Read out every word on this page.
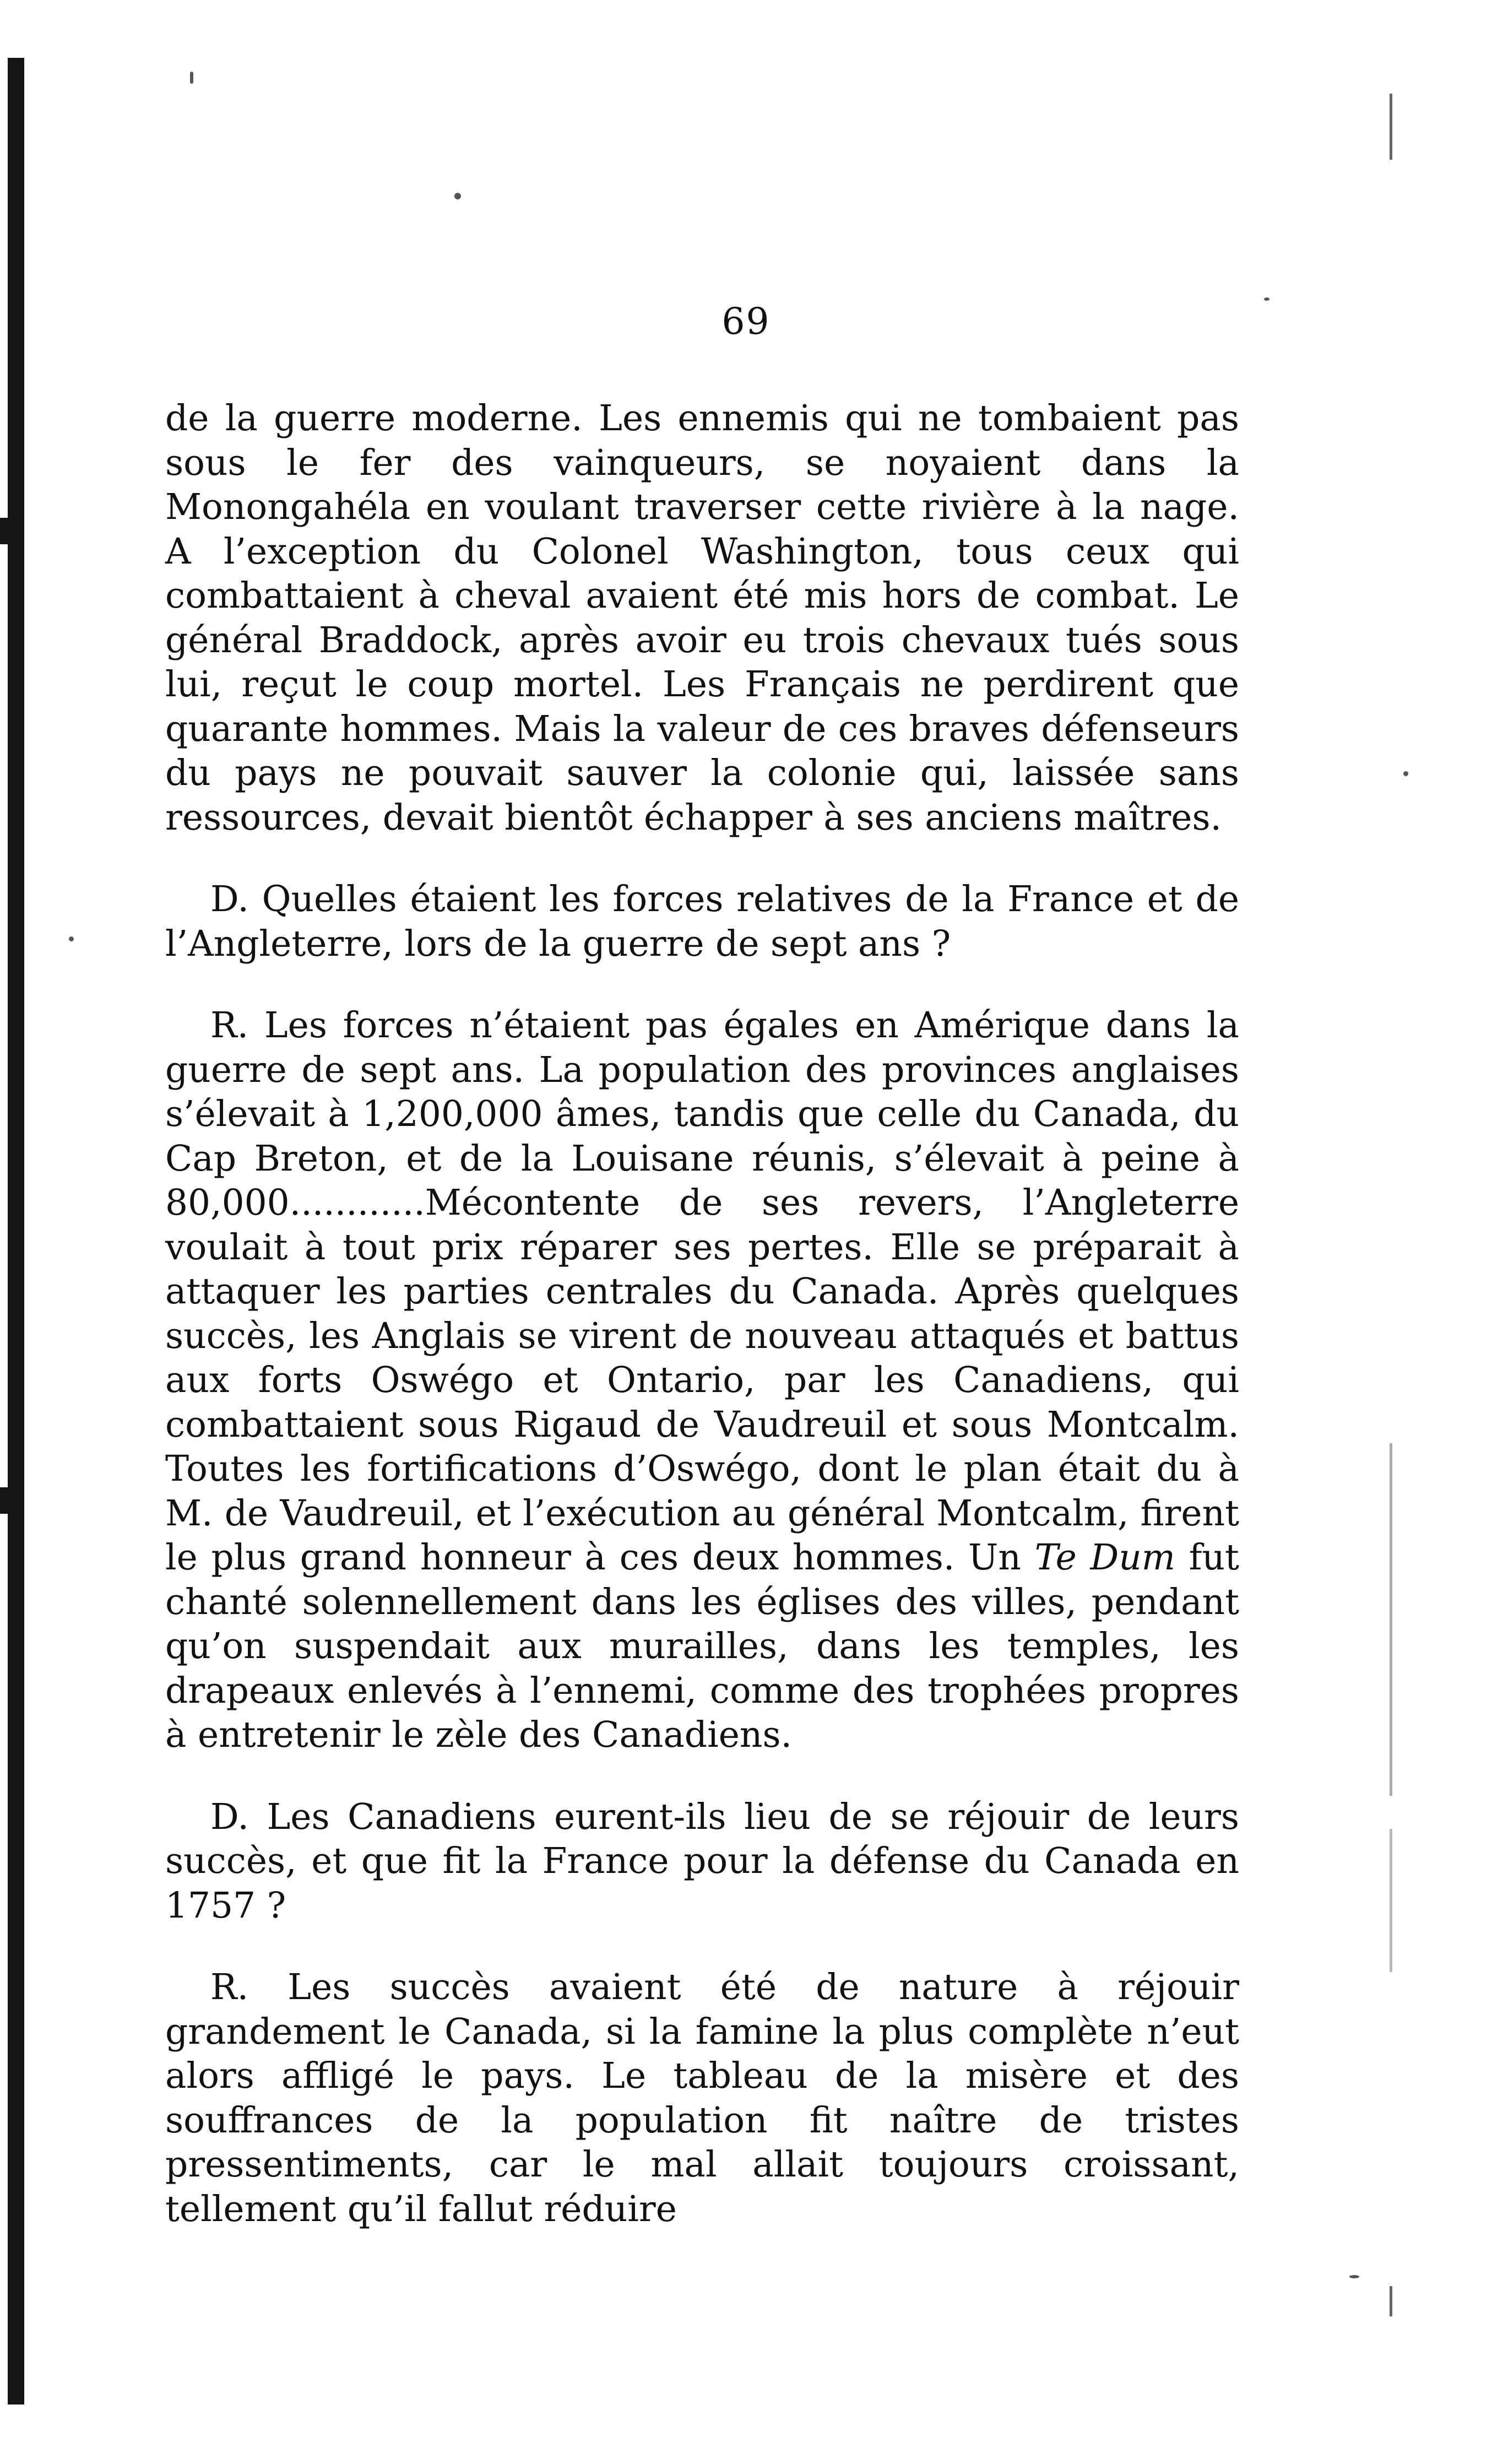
69

de la guerre moderne. Les ennemis qui ne tombaient pas sous le fer des vainqueurs, se noyaient dans la Monongahéla en voulant traverser cette rivière à la nage. A l’exception du Colonel Washington, tous ceux qui combattaient à cheval avaient été mis hors de combat. Le général Braddock, après avoir eu trois chevaux tués sous lui, reçut le coup mortel. Les Français ne perdirent que quarante hommes. Mais la valeur de ces braves défenseurs du pays ne pouvait sauver la colonie qui, laissée sans ressources, devait bientôt échapper à ses anciens maîtres.

D. Quelles étaient les forces relatives de la France et de l’Angleterre, lors de la guerre de sept ans ?

R. Les forces n’étaient pas égales en Amérique dans la guerre de sept ans. La population des provinces anglaises s’élevait à 1,200,000 âmes, tandis que celle du Canada, du Cap Breton, et de la Louisane réunis, s’élevait à peine à 80,000............Mécontente de ses revers, l’Angleterre voulait à tout prix réparer ses pertes. Elle se préparait à attaquer les parties centrales du Canada. Après quelques succès, les Anglais se virent de nouveau attaqués et battus aux forts Oswégo et Ontario, par les Canadiens, qui combattaient sous Rigaud de Vaudreuil et sous Montcalm. Toutes les fortifications d’Oswégo, dont le plan était du à M. de Vaudreuil, et l’exécution au général Montcalm, firent le plus grand honneur à ces deux hommes. Un Te Dum fut chanté solennellement dans les églises des villes, pendant qu’on suspendait aux murailles, dans les temples, les drapeaux enlevés à l’ennemi, comme des trophées propres à entretenir le zèle des Canadiens.

D. Les Canadiens eurent-ils lieu de se réjouir de leurs succès, et que fit la France pour la défense du Canada en 1757 ?

R. Les succès avaient été de nature à réjouir grandement le Canada, si la famine la plus complète n’eut alors affligé le pays. Le tableau de la misère et des souffrances de la population fit naître de tristes pressentiments, car le mal allait toujours croissant, tellement qu’il fallut réduire
